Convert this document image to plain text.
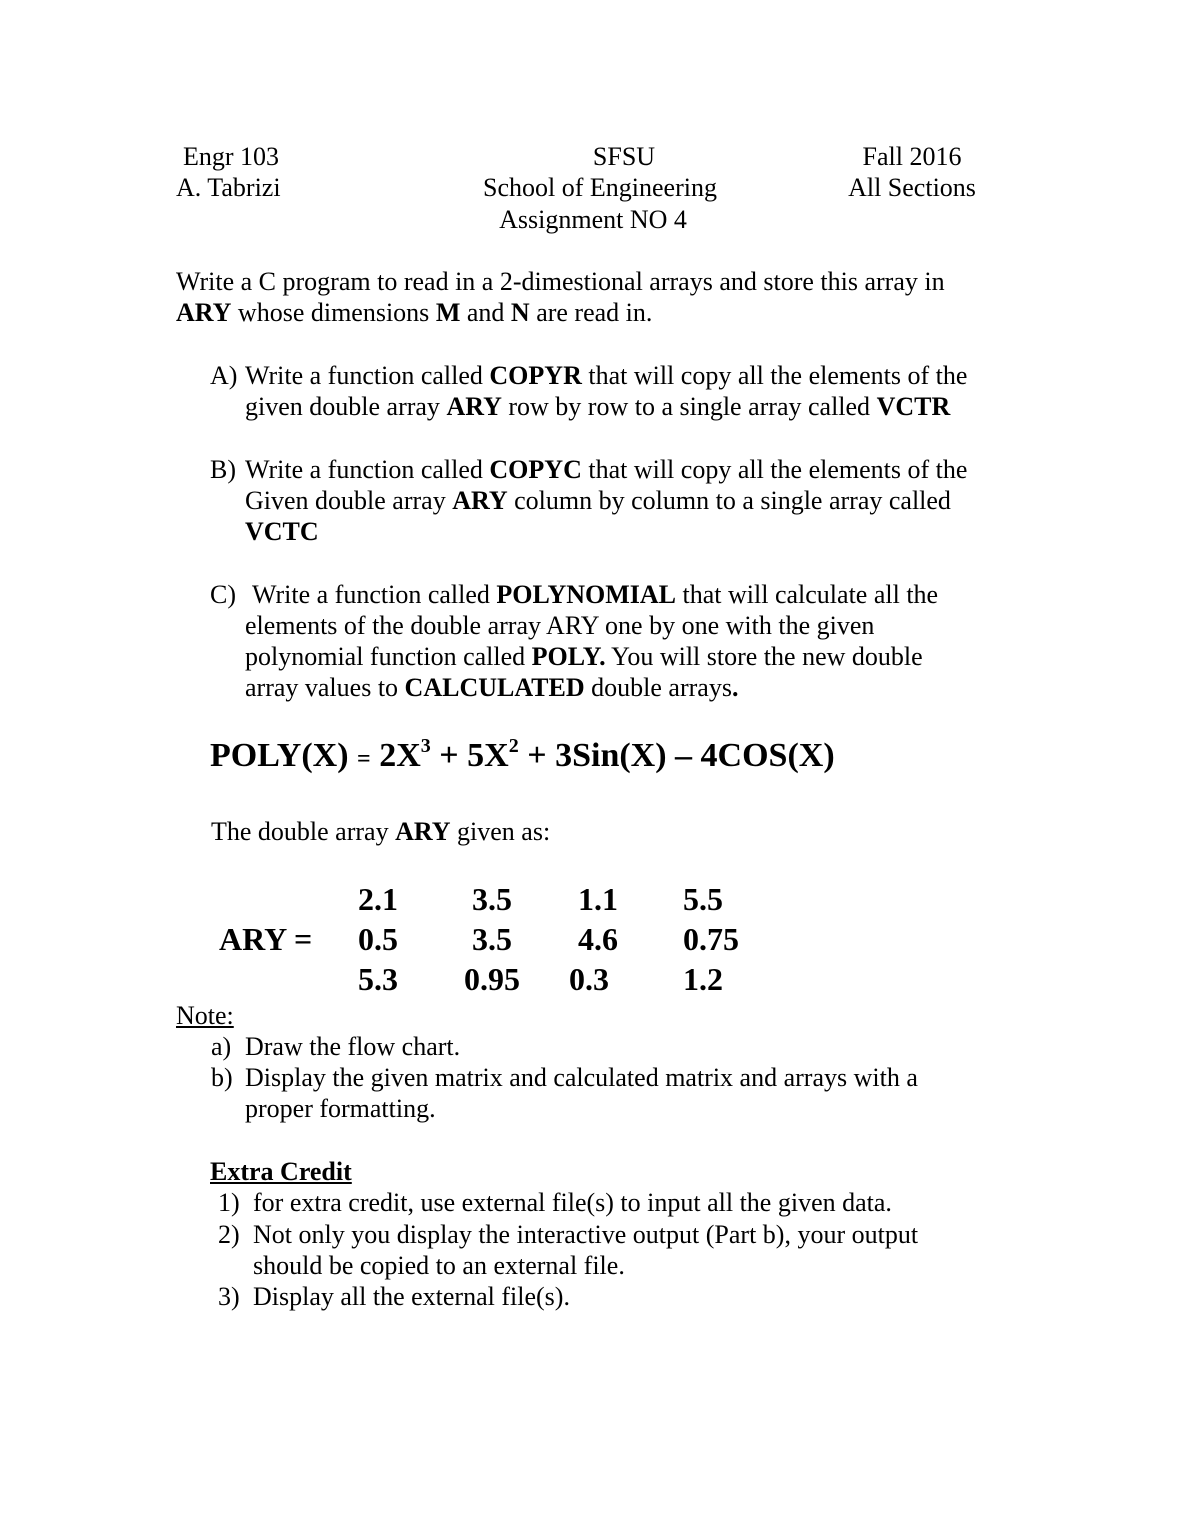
Engr 103
A. Tabrizi
SFSU
School of Engineering
Assignment NO 4
Fall 2016
All Sections
Write a C program to read in a 2-dimestional arrays and store this array in
ARY whose dimensions M and N are read in.
A) Write a function called COPYR that will copy all the elements of the
given double array ARY row by row to a single array called VCTR
B) Write a function called COPYC that will copy all the elements of the
Given double array ARY column by column to a single array called
VCTC
C) Write a function called POLYNOMIAL that will calculate all the
elements of the double array ARY one by one with the given
polynomial function called POLY. You will store the new double
array values to CALCULATED double arrays.
POLY(X) = $2X^3 + 5X^2 + 3Sin(X) - 4COS(X)$
The double array ARY given as:
ARY =
2.1 3.5 1.1 5.5
0.5 3.5 4.6 0.75
5.3 0.95 0.3 1.2
Note:
a) Draw the flow chart.
b) Display the given matrix and calculated matrix and arrays with a
proper formatting.
Extra Credit
1) for extra credit, use external file(s) to input all the given data.
2) Not only you display the interactive output (Part b), your output
should be copied to an external file.
3) Display all the external file(s).
